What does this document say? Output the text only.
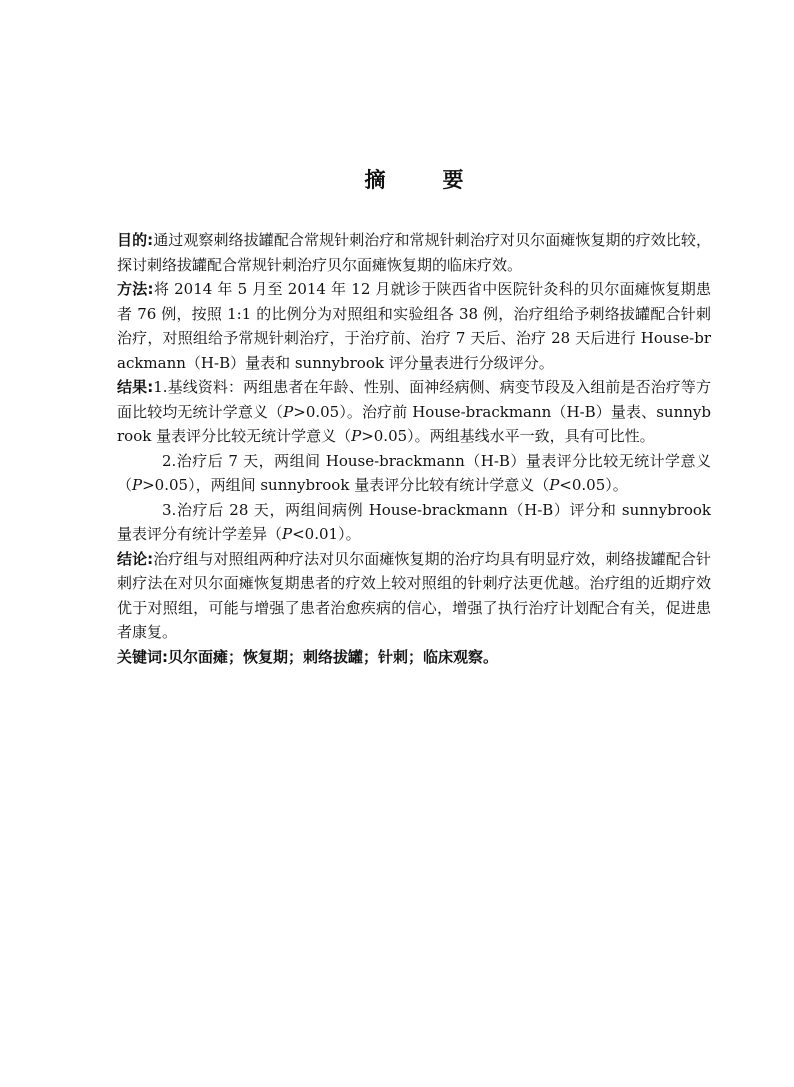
摘　要

目的:通过观察刺络拔罐配合常规针刺治疗和常规针刺治疗对贝尔面瘫恢复期的疗效比较，探讨刺络拔罐配合常规针刺治疗贝尔面瘫恢复期的临床疗效。

方法:将 2014 年 5 月至 2014 年 12 月就诊于陕西省中医院针灸科的贝尔面瘫恢复期患者 76 例，按照 1:1 的比例分为对照组和实验组各 38 例，治疗组给予刺络拔罐配合针刺治疗，对照组给予常规针刺治疗，于治疗前、治疗 7 天后、治疗 28 天后进行 House-brackmann（H-B）量表和 sunnybrook 评分量表进行分级评分。

结果:1.基线资料：两组患者在年龄、性别、面神经病侧、病变节段及入组前是否治疗等方面比较均无统计学意义（P>0.05）。治疗前 House-brackmann（H-B）量表、sunnybrook 量表评分比较无统计学意义（P>0.05）。两组基线水平一致，具有可比性。

2.治疗后 7 天，两组间 House-brackmann（H-B）量表评分比较无统计学意义（P>0.05），两组间 sunnybrook 量表评分比较有统计学意义（P<0.05）。

3.治疗后 28 天，两组间病例 House-brackmann（H-B）评分和 sunnybrook 量表评分有统计学差异（P<0.01）。

结论:治疗组与对照组两种疗法对贝尔面瘫恢复期的治疗均具有明显疗效，刺络拔罐配合针刺疗法在对贝尔面瘫恢复期患者的疗效上较对照组的针刺疗法更优越。治疗组的近期疗效优于对照组，可能与增强了患者治愈疾病的信心，增强了执行治疗计划配合有关，促进患者康复。

关键词:贝尔面瘫；恢复期；刺络拔罐；针刺；临床观察。
